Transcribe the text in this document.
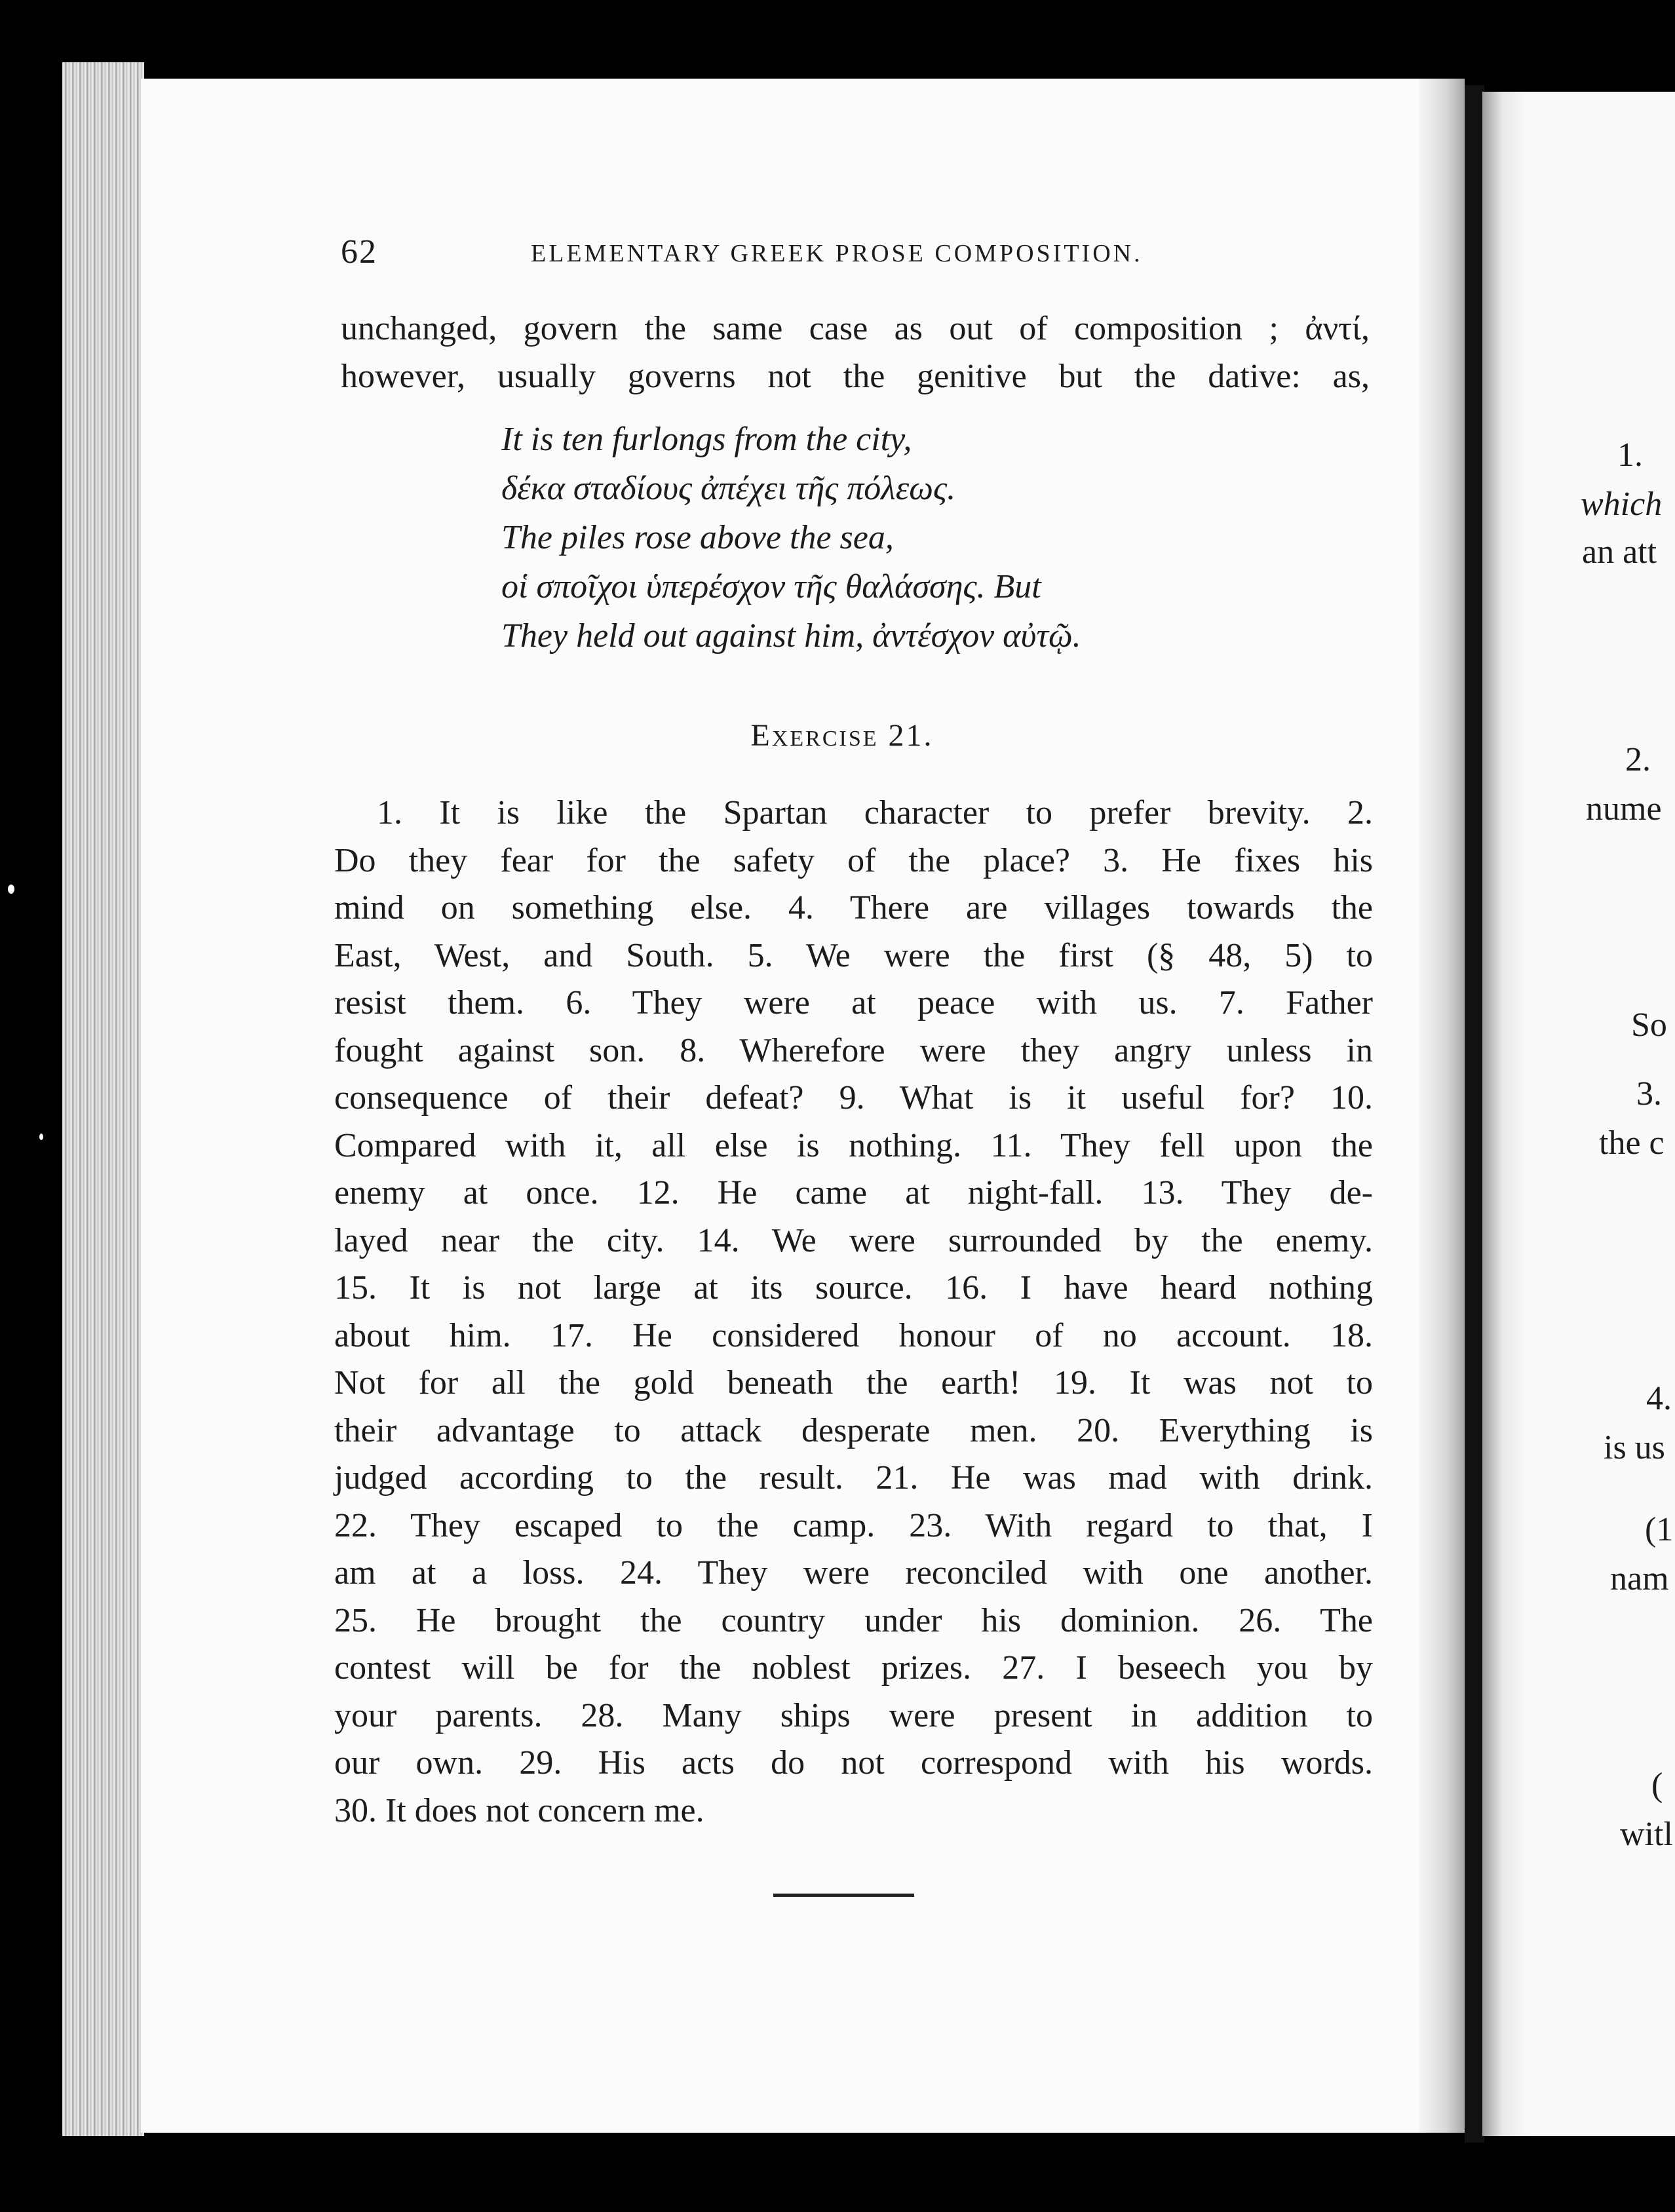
1.
which
an att
2.
nume
So
3.
the c
4.
is us
(1
nam
(
witl
62	ELEMENTARY GREEK PROSE COMPOSITION.
unchanged, govern the same case as out of composition ; ἀντί,
however, usually governs not the genitive but the dative: as,
It is ten furlongs from the city,
δέκα σταδίους ἀπέχει τῆς πόλεως.
The piles rose above the sea,
οἱ σποῖχοι ὑπερέσχον τῆς θαλάσσης. But
They held out against him, ἀντέσχον αὐτῷ.
Exercise 21.
1. It is like the Spartan character to prefer brevity. 2.
Do they fear for the safety of the place? 3. He fixes his
mind on something else. 4. There are villages towards the
East, West, and South. 5. We were the first (§ 48, 5) to
resist them. 6. They were at peace with us. 7. Father
fought against son. 8. Wherefore were they angry unless in
consequence of their defeat? 9. What is it useful for? 10.
Compared with it, all else is nothing. 11. They fell upon the
enemy at once. 12. He came at night-fall. 13. They de-
layed near the city. 14. We were surrounded by the enemy.
15. It is not large at its source. 16. I have heard nothing
about him. 17. He considered honour of no account. 18.
Not for all the gold beneath the earth! 19. It was not to
their advantage to attack desperate men. 20. Everything is
judged according to the result. 21. He was mad with drink.
22. They escaped to the camp. 23. With regard to that, I
am at a loss. 24. They were reconciled with one another.
25. He brought the country under his dominion. 26. The
contest will be for the noblest prizes. 27. I beseech you by
your parents. 28. Many ships were present in addition to
our own. 29. His acts do not correspond with his words.
30. It does not concern me.
